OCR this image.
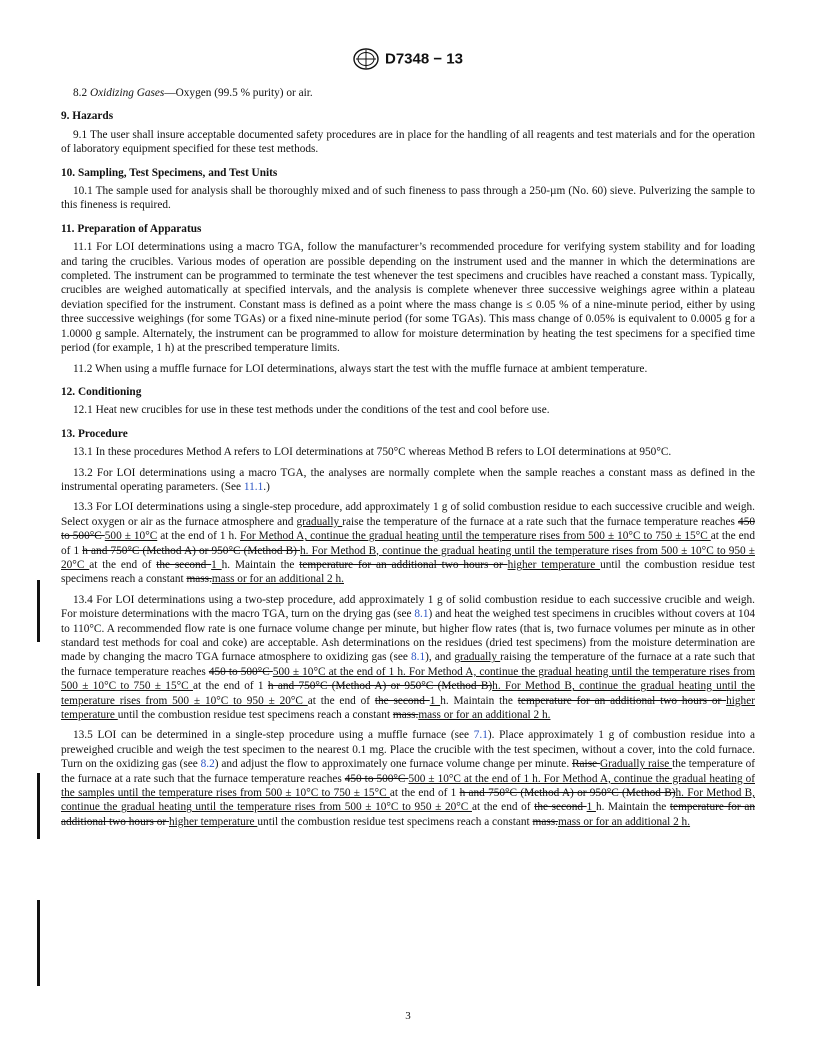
D7348 − 13

8.2 Oxidizing Gases—Oxygen (99.5 % purity) or air.

9. Hazards

9.1 The user shall insure acceptable documented safety procedures are in place for the handling of all reagents and test materials and for the operation of laboratory equipment specified for these test methods.

10. Sampling, Test Specimens, and Test Units

10.1 The sample used for analysis shall be thoroughly mixed and of such fineness to pass through a 250-µm (No. 60) sieve. Pulverizing the sample to this fineness is required.

11. Preparation of Apparatus

11.1 For LOI determinations using a macro TGA, follow the manufacturer’s recommended procedure for verifying system stability and for loading and taring the crucibles. Various modes of operation are possible depending on the instrument used and the manner in which the determinations are completed. The instrument can be programmed to terminate the test whenever the test specimens and crucibles have reached a constant mass. Typically, crucibles are weighed automatically at specified intervals, and the analysis is complete whenever three successive weighings agree within a plateau deviation specified for the instrument. Constant mass is defined as a point where the mass change is ≤ 0.05 % of a nine-minute period, either by using three successive weighings (for some TGAs) or a fixed nine-minute period (for some TGAs). This mass change of 0.05% is equivalent to 0.0005 g for a 1.0000 g sample. Alternately, the instrument can be programmed to allow for moisture determination by heating the test specimens for a specified time period (for example, 1 h) at the prescribed temperature limits.

11.2 When using a muffle furnace for LOI determinations, always start the test with the muffle furnace at ambient temperature.

12. Conditioning

12.1 Heat new crucibles for use in these test methods under the conditions of the test and cool before use.

13. Procedure

13.1 In these procedures Method A refers to LOI determinations at 750°C whereas Method B refers to LOI determinations at 950°C.

13.2 For LOI determinations using a macro TGA, the analyses are normally complete when the sample reaches a constant mass as defined in the instrumental operating parameters. (See 11.1.)

13.3 For LOI determinations using a single-step procedure, add approximately 1 g of solid combustion residue to each successive crucible and weigh. Select oxygen or air as the furnace atmosphere and gradually raise the temperature of the furnace at a rate such that the furnace temperature reaches 450 to 500°C 500 ± 10°C at the end of 1 h. For Method A, continue the gradual heating until the temperature rises from 500 ± 10°C to 750 ± 15°C at the end of 1 h and 750°C (Method A) or 950°C (Method B) h. For Method B, continue the gradual heating until the temperature rises from 500 ± 10°C to 950 ± 20°C at the end of the second 1 h. Maintain the temperature for an additional two hours or higher temperature until the combustion residue test specimens reach a constant mass.mass or for an additional 2 h.

13.4 For LOI determinations using a two-step procedure, add approximately 1 g of solid combustion residue to each successive crucible and weigh. For moisture determinations with the macro TGA, turn on the drying gas (see 8.1) and heat the weighed test specimens in crucibles without covers at 104 to 110°C. A recommended flow rate is one furnace volume change per minute, but higher flow rates (that is, two furnace volumes per minute as in other standard test methods for coal and coke) are acceptable. Ash determinations on the residues (dried test specimens) from the moisture determination are made by changing the macro TGA furnace atmosphere to oxidizing gas (see 8.1), and gradually raising the temperature of the furnace at a rate such that the furnace temperature reaches 450 to 500°C 500 ± 10°C at the end of 1 h. For Method A, continue the gradual heating until the temperature rises from 500 ± 10°C to 750 ± 15°C at the end of 1 h and 750°C (Method A) or 950°C (Method B)h. For Method B, continue the gradual heating until the temperature rises from 500 ± 10°C to 950 ± 20°C at the end of the second 1 h. Maintain the temperature for an additional two hours or higher temperature until the combustion residue test specimens reach a constant mass.mass or for an additional 2 h.

13.5 LOI can be determined in a single-step procedure using a muffle furnace (see 7.1). Place approximately 1 g of combustion residue into a preweighed crucible and weigh the test specimen to the nearest 0.1 mg. Place the crucible with the test specimen, without a cover, into the cold furnace. Turn on the oxidizing gas (see 8.2) and adjust the flow to approximately one furnace volume change per minute. Raise Gradually raise the temperature of the furnace at a rate such that the furnace temperature reaches 450 to 500°C 500 ± 10°C at the end of 1 h. For Method A, continue the gradual heating of the samples until the temperature rises from 500 ± 10°C to 750 ± 15°C at the end of 1 h and 750°C (Method A) or 950°C (Method B)h. For Method B, continue the gradual heating until the temperature rises from 500 ± 10°C to 950 ± 20°C at the end of the second 1 h. Maintain the temperature for an additional two hours or higher temperature until the combustion residue test specimens reach a constant mass.mass or for an additional 2 h.

3
